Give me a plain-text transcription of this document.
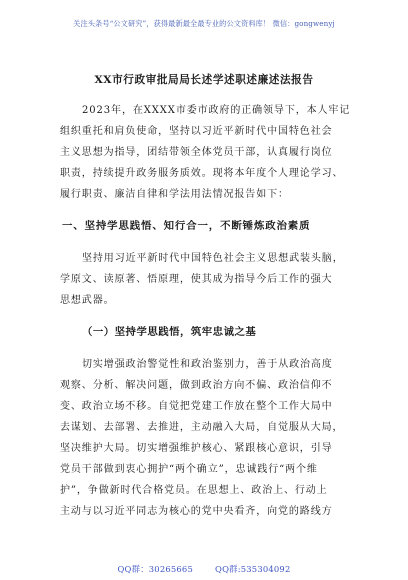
关注头条号“公文研究”，获得最新最全最专业的公文资料库！ 微信：gongwenyj
XX市行政审批局局长述学述职述廉述法报告
2023年，在XXXX市委市政府的正确领导下，本人牢记
组织重托和肩负使命，坚持以习近平新时代中国特色社会
主义思想为指导，团结带领全体党员干部，认真履行岗位
职责，持续提升政务服务质效。现将本年度个人理论学习、
履行职责、廉洁自律和学法用法情况报告如下：
一、坚持学思践悟、知行合一，不断锤炼政治素质
坚持用习近平新时代中国特色社会主义思想武装头脑，
学原文、读原著、悟原理，使其成为指导今后工作的强大
思想武器。
（一）坚持学思践悟，筑牢忠诚之基
切实增强政治警觉性和政治鉴别力，善于从政治高度
观察、分析、解决问题，做到政治方向不偏、政治信仰不
变、政治立场不移。自觉把党建工作放在整个工作大局中
去谋划、去部署、去推进，主动融入大局，自觉服从大局，
坚决维护大局。切实增强维护核心、紧跟核心意识，引导
党员干部做到衷心拥护“两个确立”，忠诚践行“两个维
护”，争做新时代合格党员。在思想上、政治上、行动上
主动与以习近平同志为核心的党中央看齐，向党的路线方
QQ群：30265665	QQ群:535304092
